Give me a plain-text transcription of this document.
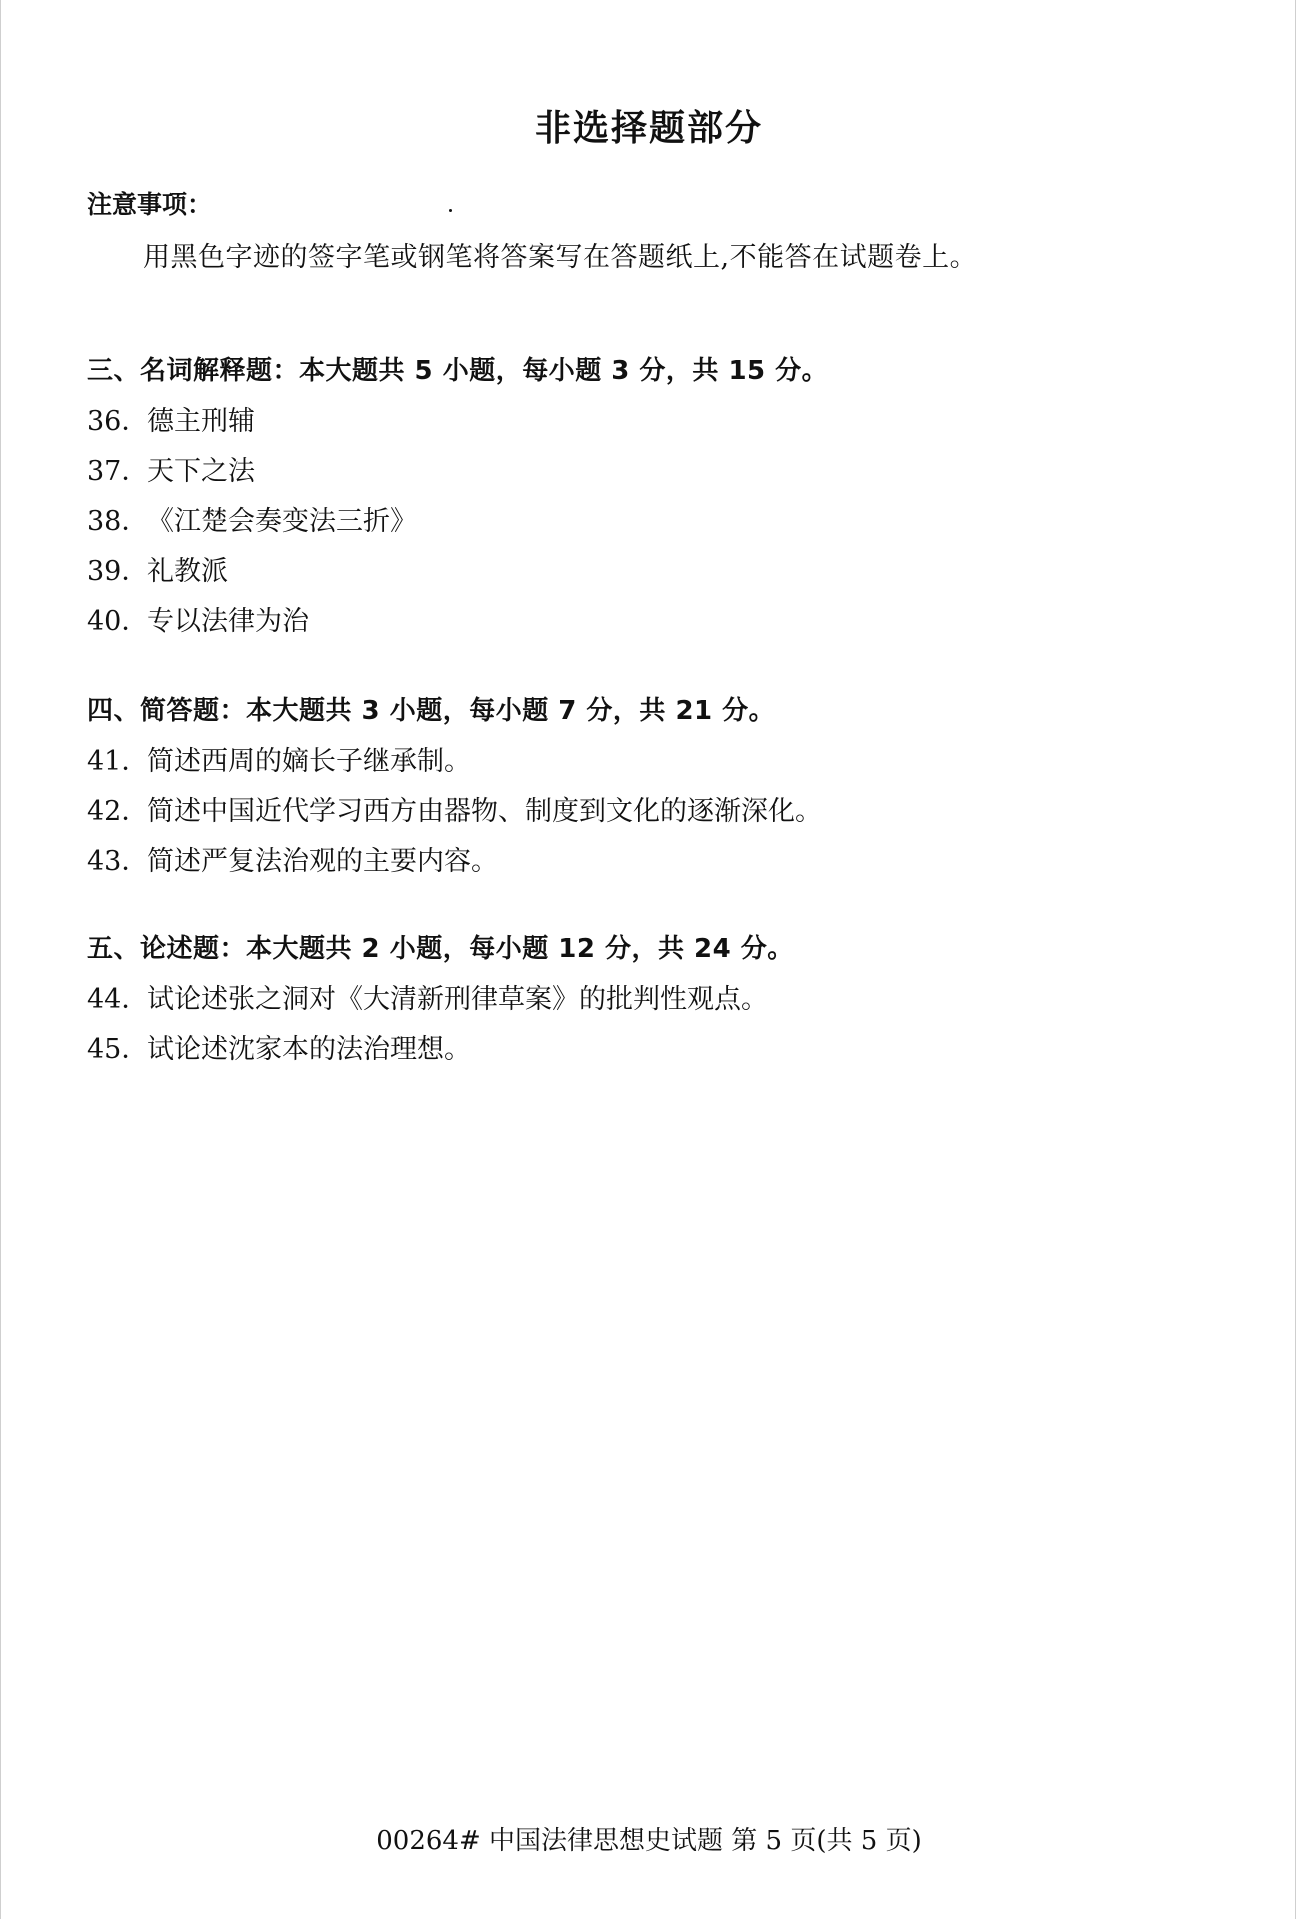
非选择题部分
注意事项：
用黑色字迹的签字笔或钢笔将答案写在答题纸上,不能答在试题卷上。
三、名词解释题：本大题共 5 小题，每小题 3 分，共 15 分。
36．德主刑辅
37．天下之法
38．《江楚会奏变法三折》
39．礼教派
40．专以法律为治
四、简答题：本大题共 3 小题，每小题 7 分，共 21 分。
41．简述西周的嫡长子继承制。
42．简述中国近代学习西方由器物、制度到文化的逐渐深化。
43．简述严复法治观的主要内容。
五、论述题：本大题共 2 小题，每小题 12 分，共 24 分。
44．试论述张之洞对《大清新刑律草案》的批判性观点。
45．试论述沈家本的法治理想。
00264# 中国法律思想史试题 第 5 页(共 5 页)
